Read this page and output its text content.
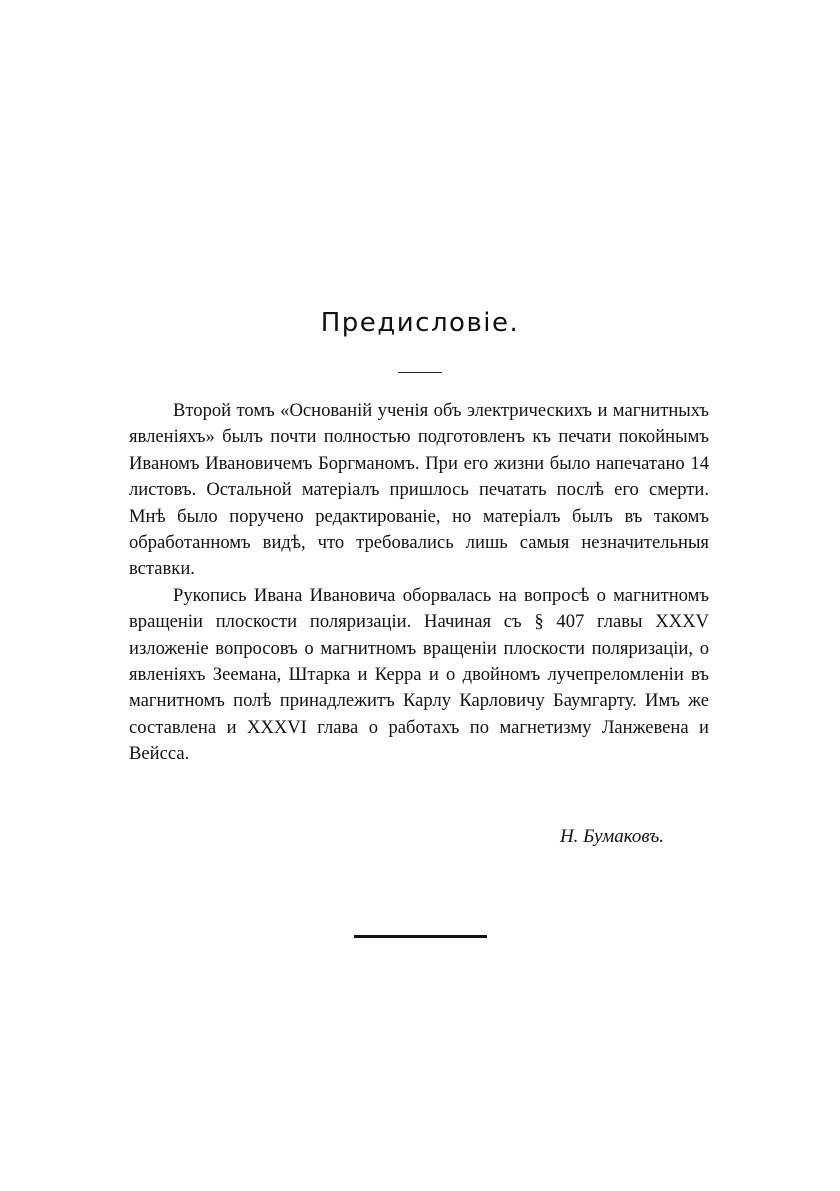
Предисловіе.

Второй томъ «Основаній ученія объ электрическихъ и магнитныхъ явленіяхъ» былъ почти полностью подготовленъ къ печати покойнымъ Иваномъ Ивановичемъ Боргманомъ. При его жизни было напечатано 14 листовъ. Остальной матеріалъ пришлось печатать послѣ его смерти. Мнѣ было поручено редактированіе, но матеріалъ былъ въ такомъ обработанномъ видѣ, что требовались лишь самыя незначительныя вставки.

Рукопись Ивана Ивановича оборвалась на вопросѣ о магнитномъ вращеніи плоскости поляризаціи. Начиная съ § 407 главы XXXV изложеніе вопросовъ о магнитномъ вращеніи плоскости поляризаціи, о явленіяхъ Зеемана, Штарка и Керра и о двойномъ лучепреломленіи въ магнитномъ полѣ принадлежитъ Карлу Карловичу Баумгарту. Имъ же составлена и XXXVI глава о работахъ по магнетизму Ланжевена и Вейсса.

Н. Бумаковъ.
